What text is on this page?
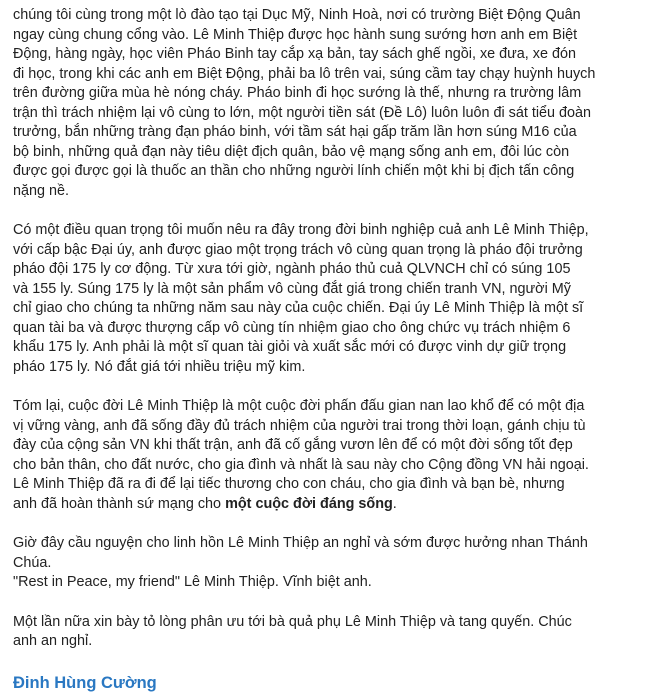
chúng tôi cùng trong một lò đào tạo tại Dục Mỹ, Ninh Hoà, nơi có trường Biệt Động Quân
ngay cùng chung cổng vào. Lê Minh Thiệp được học hành sung sướng hơn anh em Biệt
Động, hàng ngày, học viên Pháo Binh tay cắp xạ bản, tay sách ghế ngồi, xe đưa, xe đón
đi học, trong khi các anh em Biệt Động, phải ba lô trên vai, súng cầm tay chạy huỳnh huych
trên đường giữa mùa hè nóng cháy. Pháo binh đi học sướng là thế, nhưng ra trường lâm
trận thì trách nhiệm lại vô cùng to lớn, một người tiền sát (Đề Lô) luôn luôn đi sát tiểu đoàn
trưởng, bắn những tràng đạn pháo binh, với tầm sát hại gấp trăm lần hơn súng M16 của
bộ binh, những quả đạn này tiêu diệt địch quân, bảo vệ mạng sống anh em, đôi lúc còn
được gọi được gọi là thuốc an thần cho những người lính chiến một khi bị địch tấn công
nặng nề.

Có một điều quan trọng tôi muốn nêu ra đây trong đời binh nghiệp cuả anh Lê Minh Thiệp,
với cấp bậc Đại úy, anh được giao một trọng trách vô cùng quan trọng là pháo đội trưởng
pháo đội 175 ly cơ động. Từ xưa tới giờ, ngành pháo thủ cuả QLVNCH chỉ có súng 105
và 155 ly. Súng 175 ly là một sản phẩm vô cùng đắt giá trong chiến tranh VN, người Mỹ
chỉ giao cho chúng ta những năm sau này của cuộc chiến. Đại úy Lê Minh Thiệp là một sĩ
quan tài ba và được thượng cấp vô cùng tín nhiệm giao cho ông chức vụ trách nhiệm 6
khẩu 175 ly. Anh phải là một sĩ quan tài giỏi và xuất sắc mới có được vinh dự giữ trọng
pháo 175 ly. Nó đắt giá tới nhiều triệu mỹ kim.

Tóm lại, cuộc đời Lê Minh Thiệp là một cuộc đời phấn đấu gian nan lao khổ để có một địa
vị vững vàng, anh đã sống đầy đủ trách nhiệm của người trai trong thời loạn, gánh chịu tù
đày của cộng sản VN khi thất trận, anh đã cố gắng vươn lên để có một đời sống tốt đẹp
cho bản thân, cho đất nước, cho gia đình và nhất là sau này cho Cộng đồng VN hải ngoại.
Lê Minh Thiệp đã ra đi để lại tiếc thương cho con cháu, cho gia đình và bạn bè, nhưng
anh đã hoàn thành sứ mạng cho một cuộc đời đáng sống.

Giờ đây cầu nguyện cho linh hồn Lê Minh Thiệp an nghỉ và sớm được hưởng nhan Thánh
Chúa.
"Rest in Peace, my friend" Lê Minh Thiệp. Vĩnh biệt anh.

Một lần nữa xin bày tỏ lòng phân ưu tới bà quả phụ Lê Minh Thiệp và tang quyến. Chúc
anh an nghỉ.

Đinh Hùng Cường
